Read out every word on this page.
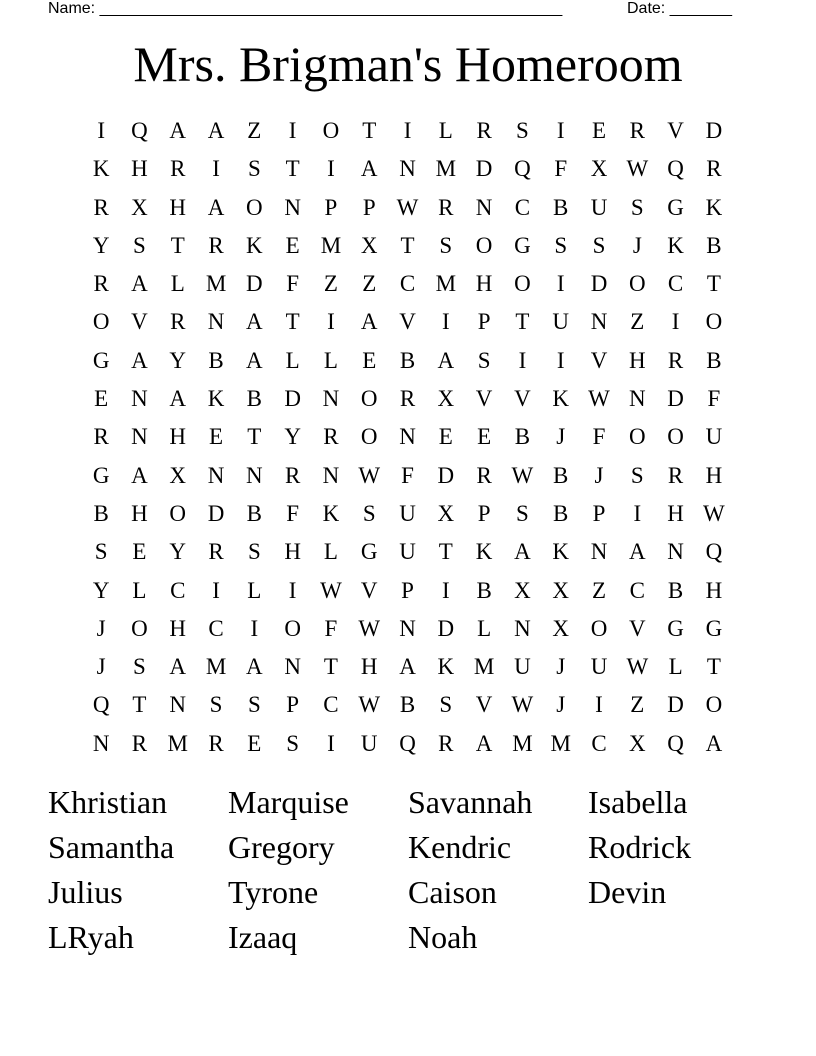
Name: ____________________________________________________	Date: _______
Mrs. Brigman's Homeroom
I	Q A A Z	I	O T	I	L	R	S	I	E	R V D
K H R	I	S	T	I	A N M D Q	F	X W Q R
R X H A O N	P	P W R N C B U	S	G K
Y	S	T	R K E M X T	S	O G	S	S	J	K B
R A L M D	F	Z	Z	C M H O	I	D O C	T
O V R N A T	I	A V	I	P	T U N Z	I	O
G A Y B A L	L	E	B A	S	I	I	V H R B
E N A K B D N O R X V V K W N D	F
R N H E	T Y R O N E	E	B	J	F	O O U
G A X N N R N W F	D R W B	J	S	R H
B H O D B	F	K	S	U X	P	S	B	P	I	H W
S	E Y R	S	H L G U T K A K N A N Q
Y L	C	I	L	I	W V	P	I	B X X Z	C B H
J	O H C	I	O	F W N D L N X O V G G
J	S	A M A N T H A K M U	J	U W L	T
Q T N	S	S	P	C W B	S	V W J	I	Z D O
N R M R	E	S	I	U Q R A M M C X Q A
Khristian	Marquise	Savannah	Isabella
Samantha	Gregory	Kendric	Rodrick
Julius	Tyrone	Caison	Devin
LRyah	Izaaq	Noah
